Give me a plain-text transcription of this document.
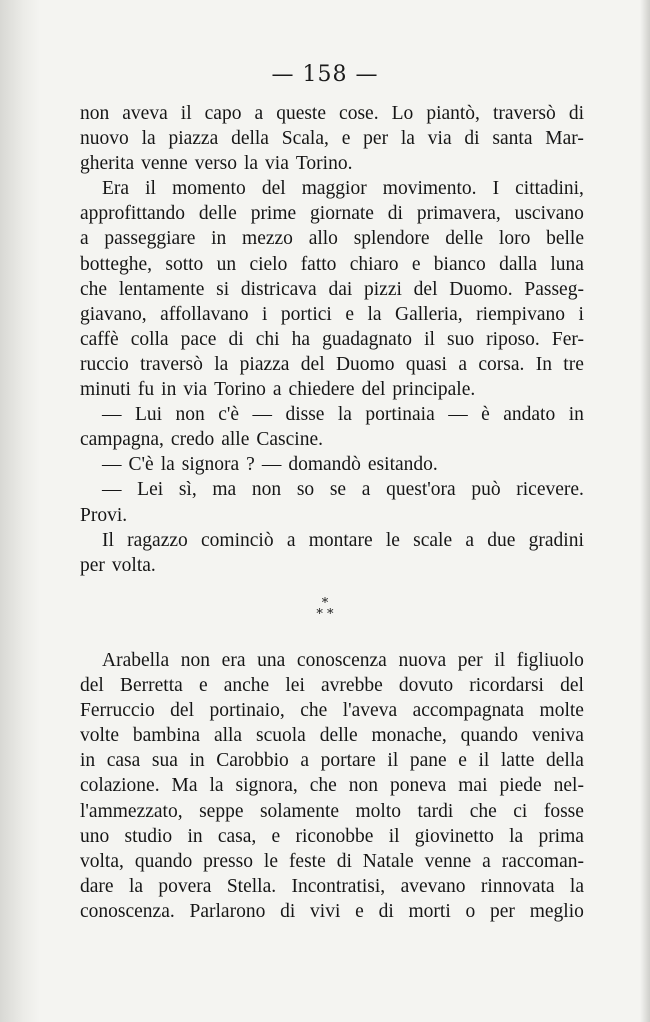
— 158 —
non aveva il capo a queste cose. Lo piantò, traversò di
nuovo la piazza della Scala, e per la via di santa Mar-
gherita venne verso la via Torino.
Era il momento del maggior movimento. I cittadini,
approfittando delle prime giornate di primavera, uscivano
a passeggiare in mezzo allo splendore delle loro belle
botteghe, sotto un cielo fatto chiaro e bianco dalla luna
che lentamente si districava dai pizzi del Duomo. Passeg-
giavano, affollavano i portici e la Galleria, riempivano i
caffè colla pace di chi ha guadagnato il suo riposo. Fer-
ruccio traversò la piazza del Duomo quasi a corsa. In tre
minuti fu in via Torino a chiedere del principale.
— Lui non c'è — disse la portinaia — è andato in
campagna, credo alle Cascine.
— C'è la signora ? — domandò esitando.
— Lei sì, ma non so se a quest'ora può ricevere.
Provi.
Il ragazzo cominciò a montare le scale a due gradini
per volta.
*
* *
Arabella non era una conoscenza nuova per il figliuolo
del Berretta e anche lei avrebbe dovuto ricordarsi del
Ferruccio del portinaio, che l'aveva accompagnata molte
volte bambina alla scuola delle monache, quando veniva
in casa sua in Carobbio a portare il pane e il latte della
colazione. Ma la signora, che non poneva mai piede nel-
l'ammezzato, seppe solamente molto tardi che ci fosse
uno studio in casa, e riconobbe il giovinetto la prima
volta, quando presso le feste di Natale venne a raccoman-
dare la povera Stella. Incontratisi, avevano rinnovata la
conoscenza. Parlarono di vivi e di morti o per meglio
